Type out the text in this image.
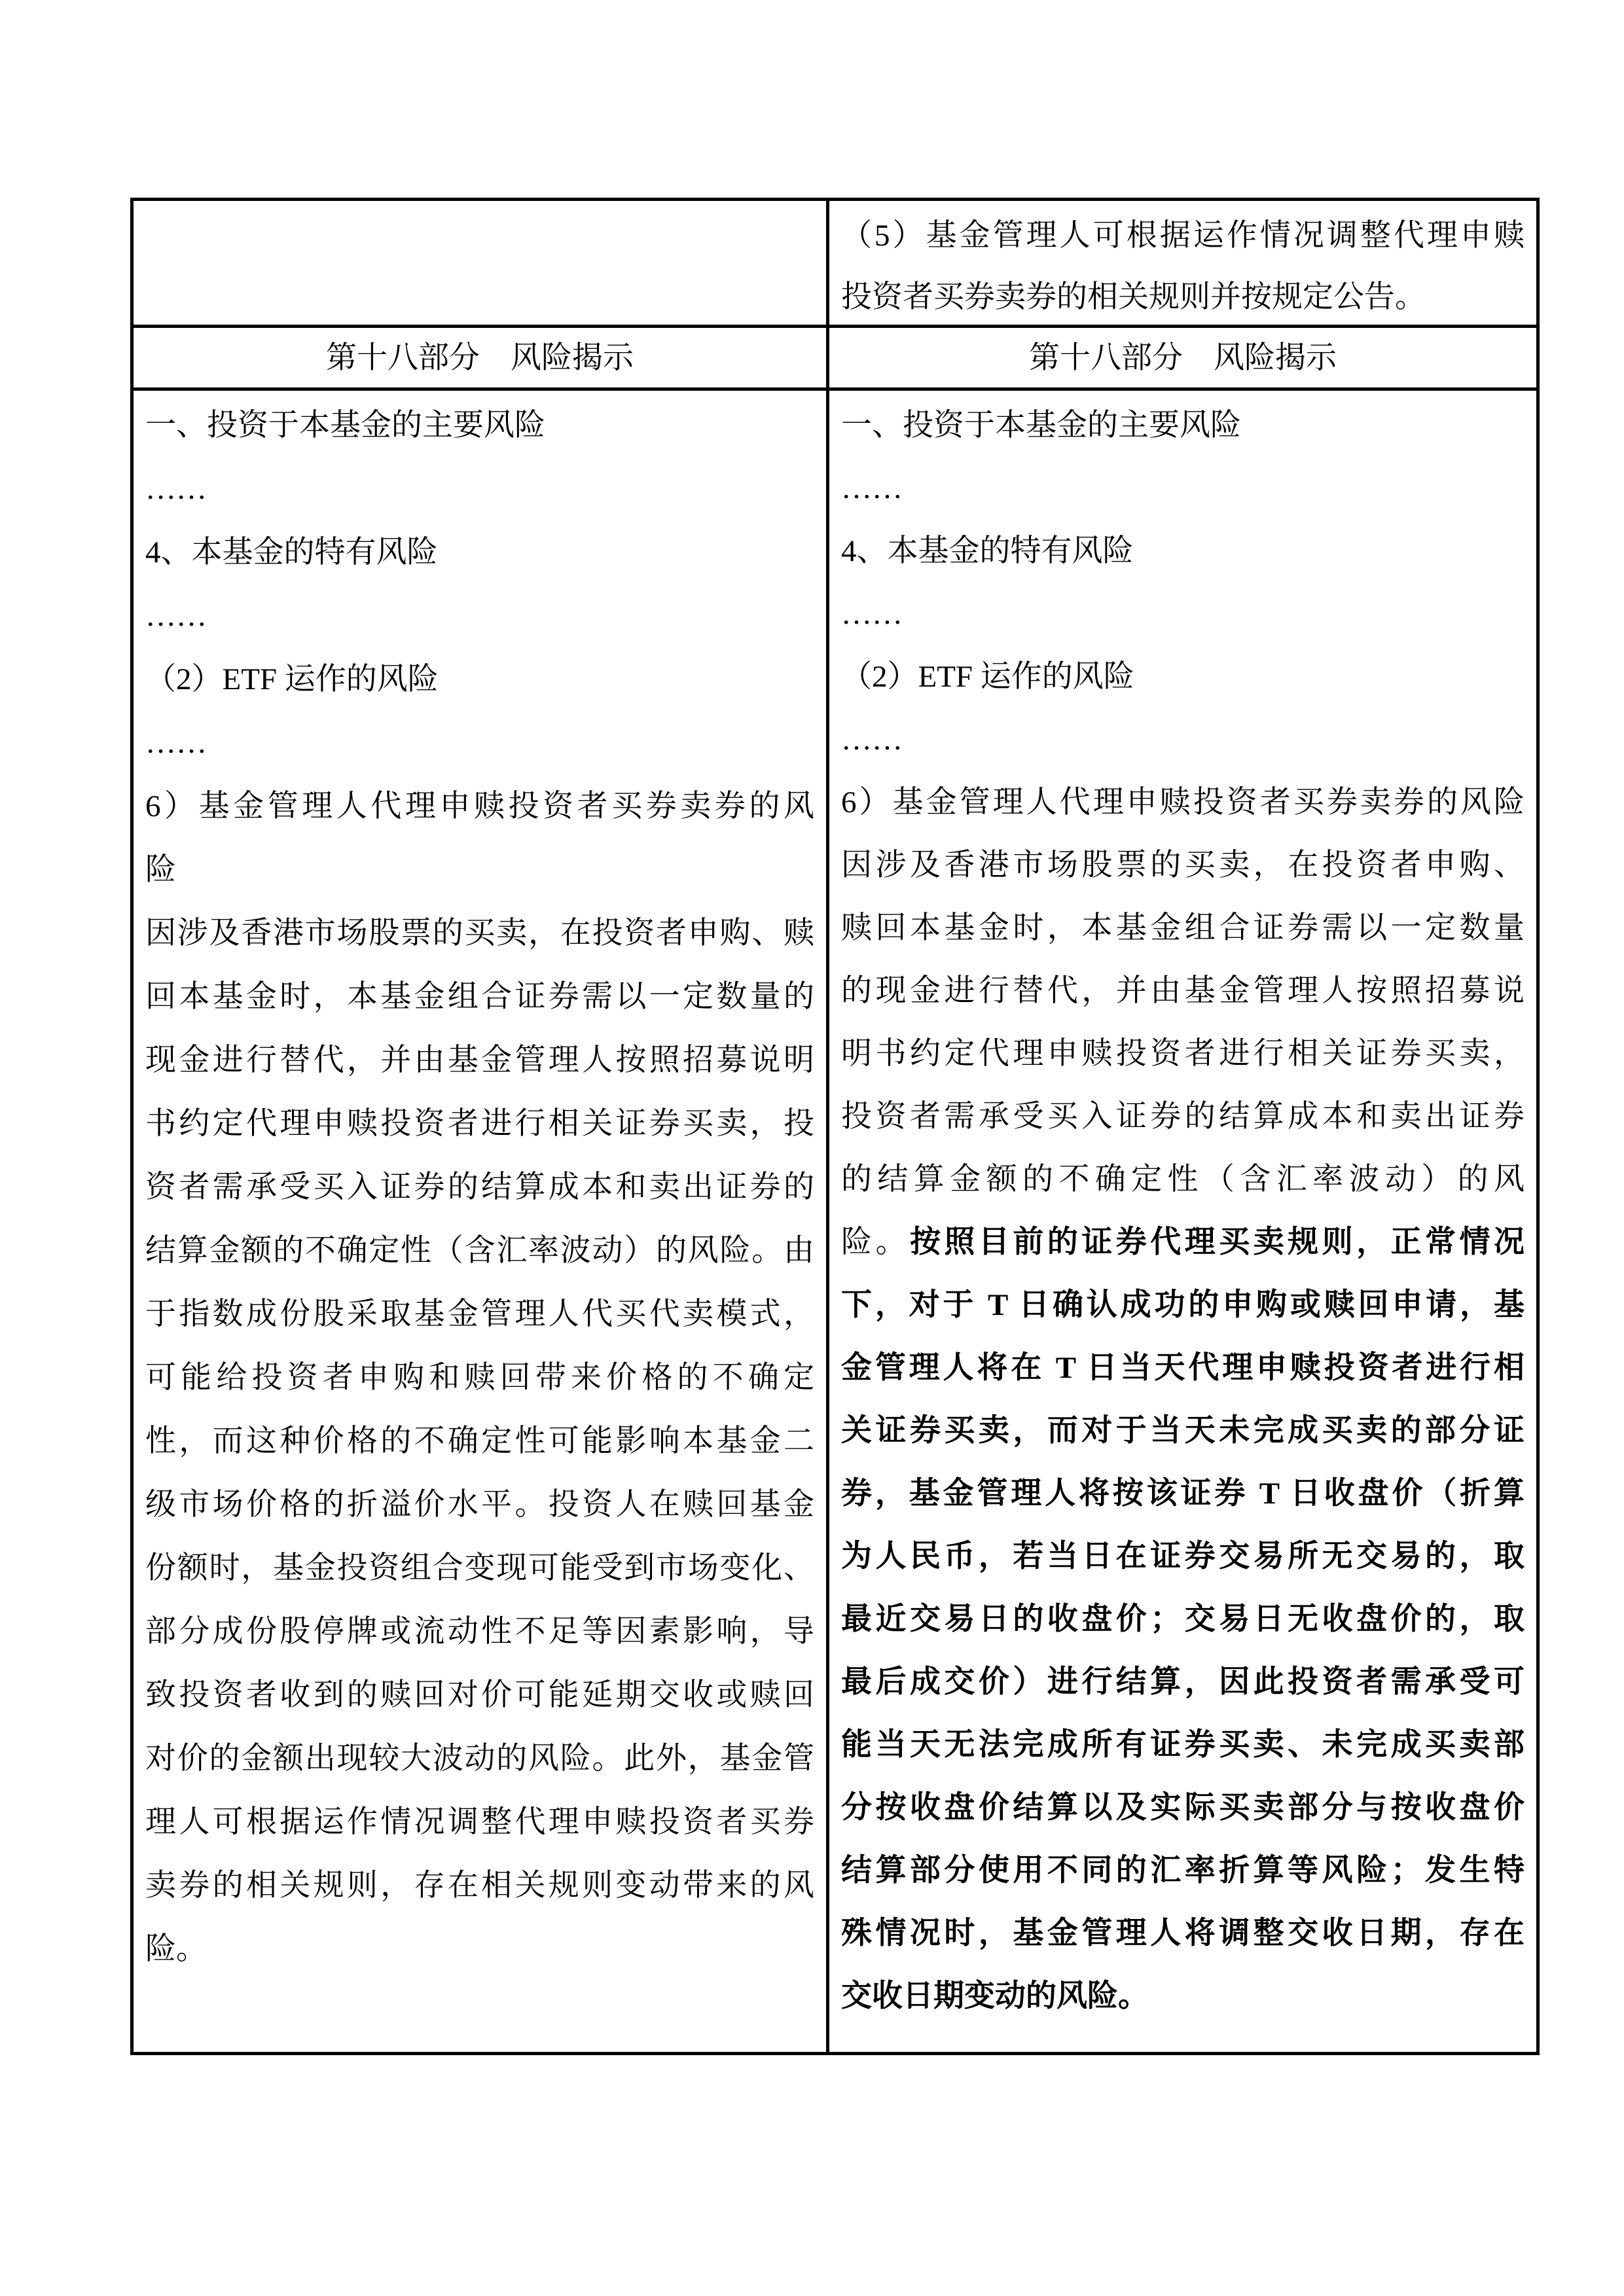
（5）基金管理人可根据运作情况调整代理申赎
投资者买券卖券的相关规则并按规定公告。
第十八部分　风险揭示	第十八部分　风险揭示
一、投资于本基金的主要风险
……
4、本基金的特有风险
……
（2）ETF 运作的风险
……
6）基金管理人代理申赎投资者买券卖券的风
险
因涉及香港市场股票的买卖，在投资者申购、赎
回本基金时，本基金组合证券需以一定数量的
现金进行替代，并由基金管理人按照招募说明
书约定代理申赎投资者进行相关证券买卖，投
资者需承受买入证券的结算成本和卖出证券的
结算金额的不确定性（含汇率波动）的风险。由
于指数成份股采取基金管理人代买代卖模式，
可能给投资者申购和赎回带来价格的不确定
性，而这种价格的不确定性可能影响本基金二
级市场价格的折溢价水平。投资人在赎回基金
份额时，基金投资组合变现可能受到市场变化、
部分成份股停牌或流动性不足等因素影响，导
致投资者收到的赎回对价可能延期交收或赎回
对价的金额出现较大波动的风险。此外，基金管
理人可根据运作情况调整代理申赎投资者买券
卖券的相关规则，存在相关规则变动带来的风
险。
一、投资于本基金的主要风险
……
4、本基金的特有风险
……
（2）ETF 运作的风险
……
6）基金管理人代理申赎投资者买券卖券的风险
因涉及香港市场股票的买卖，在投资者申购、
赎回本基金时，本基金组合证券需以一定数量
的现金进行替代，并由基金管理人按照招募说
明书约定代理申赎投资者进行相关证券买卖，
投资者需承受买入证券的结算成本和卖出证券
的结算金额的不确定性（含汇率波动）的风
险。按照目前的证券代理买卖规则，正常情况
下，对于 T 日确认成功的申购或赎回申请，基
金管理人将在 T 日当天代理申赎投资者进行相
关证券买卖，而对于当天未完成买卖的部分证
券，基金管理人将按该证券 T 日收盘价（折算
为人民币，若当日在证券交易所无交易的，取
最近交易日的收盘价；交易日无收盘价的，取
最后成交价）进行结算，因此投资者需承受可
能当天无法完成所有证券买卖、未完成买卖部
分按收盘价结算以及实际买卖部分与按收盘价
结算部分使用不同的汇率折算等风险；发生特
殊情况时，基金管理人将调整交收日期，存在
交收日期变动的风险。
